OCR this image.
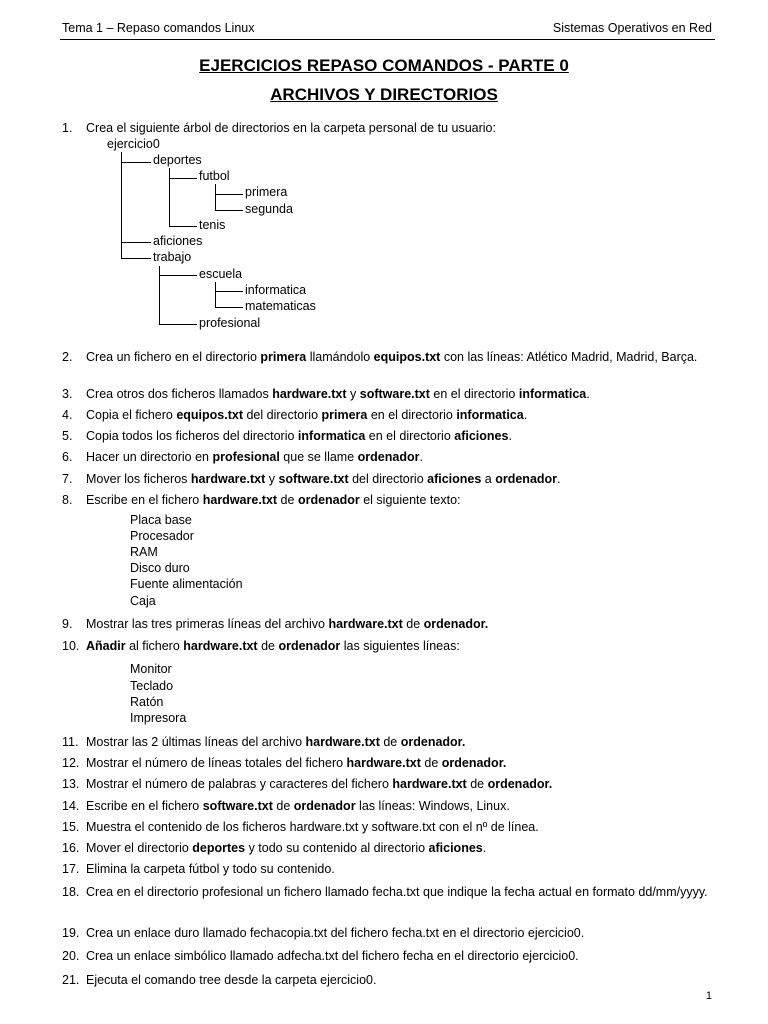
Tema 1 – Repaso comandos Linux	Sistemas Operativos en Red
EJERCICIOS REPASO COMANDOS - PARTE 0
ARCHIVOS Y DIRECTORIOS
1.	Crea el siguiente árbol de directorios en la carpeta personal de tu usuario:
ejercicio0
deportes
futbol
primera
segunda
tenis
aficiones
trabajo
escuela
informatica
matematicas
profesional
2.	Crea un fichero en el directorio primera llamándolo equipos.txt con las líneas: Atlético Madrid, Madrid, Barça.
3.	Crea otros dos ficheros llamados hardware.txt y software.txt en el directorio informatica.
4.	Copia el fichero equipos.txt del directorio primera en el directorio informatica.
5.	Copia todos los ficheros del directorio informatica en el directorio aficiones.
6.	Hacer un directorio en profesional que se llame ordenador.
7.	Mover los ficheros hardware.txt y software.txt del directorio aficiones a ordenador.
8.	Escribe en el fichero hardware.txt de ordenador el siguiente texto:
Placa base
Procesador
RAM
Disco duro
Fuente alimentación
Caja
9.	Mostrar las tres primeras líneas del archivo hardware.txt de ordenador.
10. Añadir al fichero hardware.txt de ordenador las siguientes líneas:
Monitor
Teclado
Ratón
Impresora
11. Mostrar las 2 últimas líneas del archivo hardware.txt de ordenador.
12. Mostrar el número de líneas totales del fichero hardware.txt de ordenador.
13. Mostrar el número de palabras y caracteres del fichero hardware.txt de ordenador.
14. Escribe en el fichero software.txt de ordenador las líneas: Windows, Linux.
15. Muestra el contenido de los ficheros hardware.txt y software.txt con el nº de línea.
16. Mover el directorio deportes y todo su contenido al directorio aficiones.
17. Elimina la carpeta fútbol y todo su contenido.
18. Crea en el directorio profesional un fichero llamado fecha.txt que indique la fecha actual en formato dd/mm/yyyy.
19. Crea un enlace duro llamado fechacopia.txt del fichero fecha.txt en el directorio ejercicio0.
20. Crea un enlace simbólico llamado adfecha.txt del fichero fecha en el directorio ejercicio0.
21. Ejecuta el comando tree desde la carpeta ejercicio0.
1
